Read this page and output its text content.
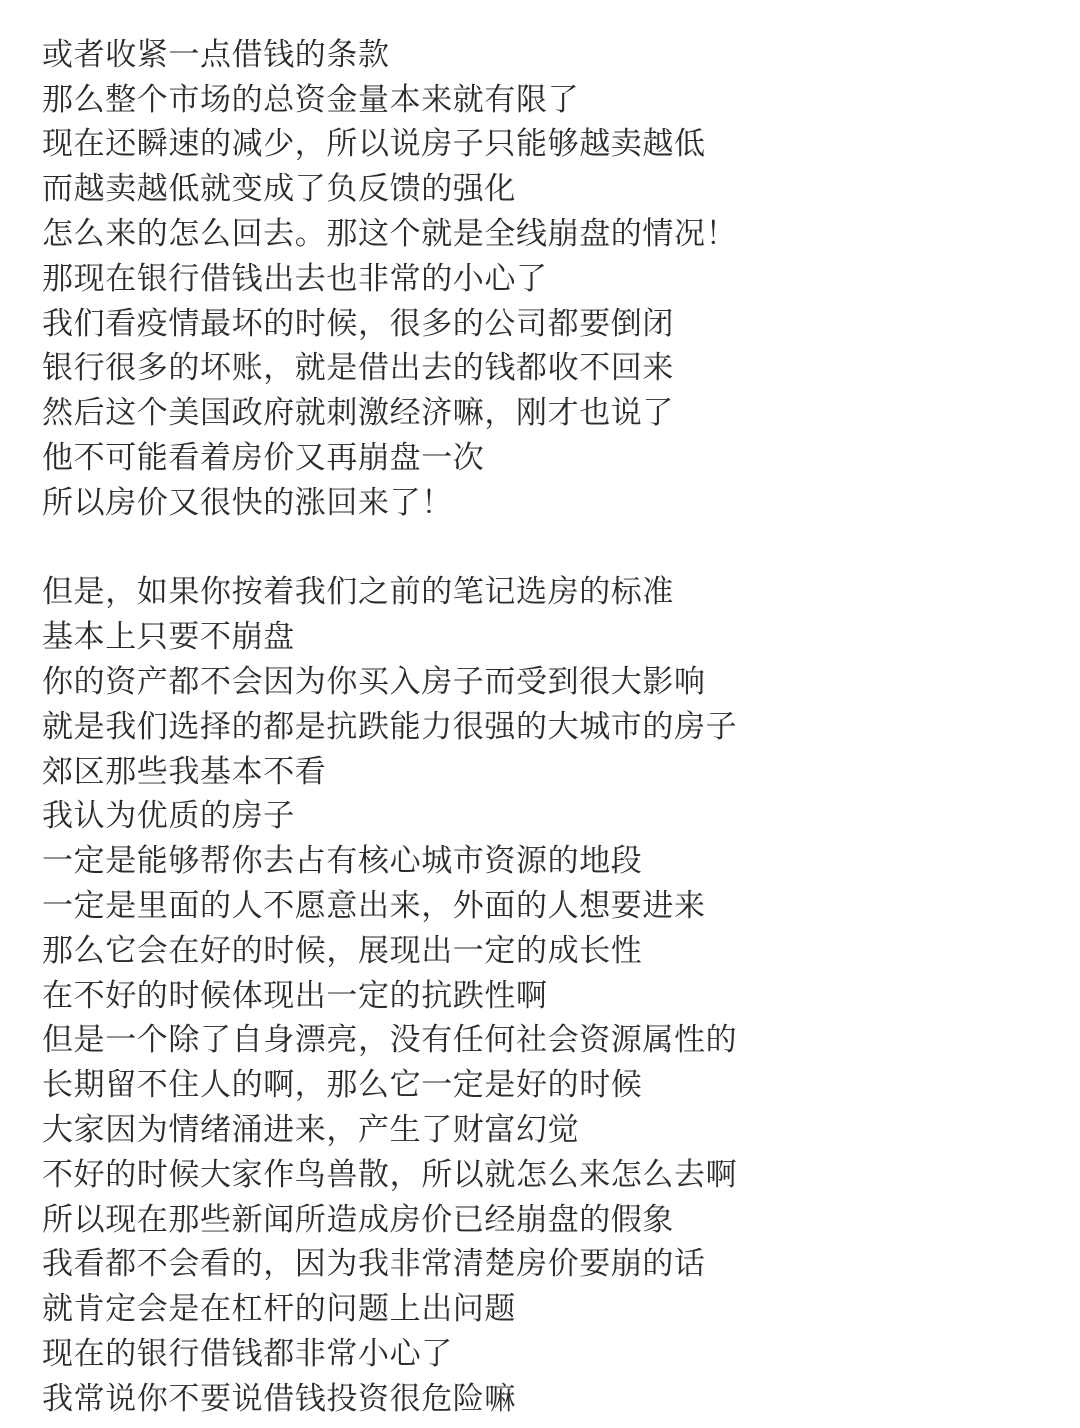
或者收紧一点借钱的条款
那么整个市场的总资金量本来就有限了
现在还瞬速的减少，所以说房子只能够越卖越低
而越卖越低就变成了负反馈的强化
怎么来的怎么回去。那这个就是全线崩盘的情况！
那现在银行借钱出去也非常的小心了
我们看疫情最坏的时候，很多的公司都要倒闭
银行很多的坏账，就是借出去的钱都收不回来
然后这个美国政府就刺激经济嘛，刚才也说了
他不可能看着房价又再崩盘一次
所以房价又很快的涨回来了！
但是，如果你按着我们之前的笔记选房的标准
基本上只要不崩盘
你的资产都不会因为你买入房子而受到很大影响
就是我们选择的都是抗跌能力很强的大城市的房子
郊区那些我基本不看
我认为优质的房子
一定是能够帮你去占有核心城市资源的地段
一定是里面的人不愿意出来，外面的人想要进来
那么它会在好的时候，展现出一定的成长性
在不好的时候体现出一定的抗跌性啊
但是一个除了自身漂亮，没有任何社会资源属性的
长期留不住人的啊，那么它一定是好的时候
大家因为情绪涌进来，产生了财富幻觉
不好的时候大家作鸟兽散，所以就怎么来怎么去啊
所以现在那些新闻所造成房价已经崩盘的假象
我看都不会看的，因为我非常清楚房价要崩的话
就肯定会是在杠杆的问题上出问题
现在的银行借钱都非常小心了
我常说你不要说借钱投资很危险嘛
